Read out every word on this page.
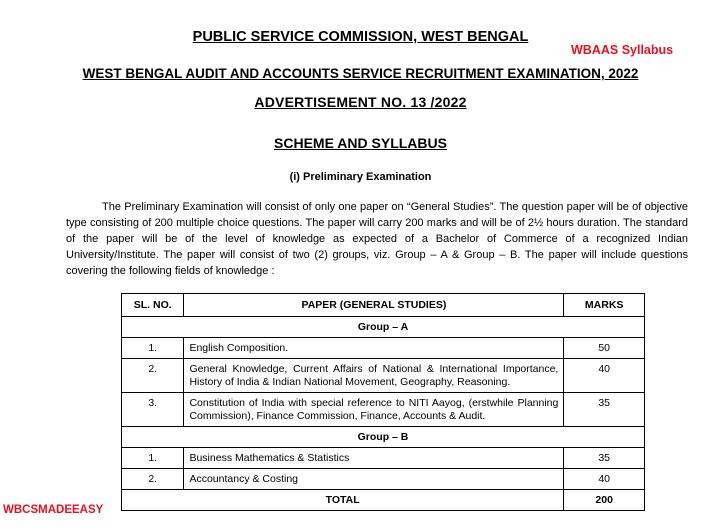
PUBLIC SERVICE COMMISSION, WEST BENGAL
WBAAS Syllabus
WEST BENGAL AUDIT AND ACCOUNTS SERVICE RECRUITMENT EXAMINATION, 2022
ADVERTISEMENT NO. 13 /2022
SCHEME AND SYLLABUS
(i) Preliminary Examination

The Preliminary Examination will consist of only one paper on “General Studies”. The question paper will be of objective type consisting of 200 multiple choice questions. The paper will carry 200 marks and will be of 2½ hours duration. The standard of the paper will be of the level of knowledge as expected of a Bachelor of Commerce of a recognized Indian University/Institute. The paper will consist of two (2) groups, viz. Group – A & Group – B. The paper will include questions covering the following fields of knowledge :

SL. NO.	PAPER (GENERAL STUDIES)	MARKS
Group – A		
1.	English Composition.	50
2.	General Knowledge, Current Affairs of National & International Importance, History of India & Indian National Movement, Geography, Reasoning.	40
3.	Constitution of India with special reference to NITI Aayog, (erstwhile Planning Commission), Finance Commission, Finance, Accounts & Audit.	35
Group – B		
1.	Business Mathematics & Statistics	35
2.	Accountancy & Costing	40
TOTAL		200
WBCSMADEEASY
